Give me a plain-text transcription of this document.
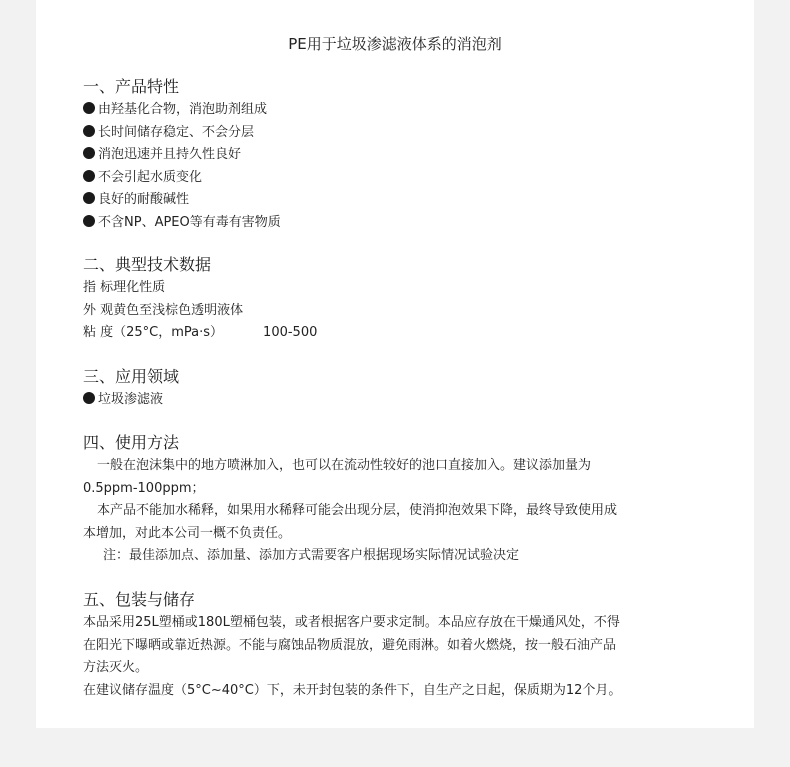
PE用于垃圾渗滤液体系的消泡剂
一、产品特性
由羟基化合物，消泡助剂组成
长时间储存稳定、不会分层
消泡迅速并且持久性良好
不会引起水质变化
良好的耐酸碱性
不含NP、APEO等有毒有害物质
二、典型技术数据
指 标理化性质
外 观黄色至浅棕色透明液体
粘 度（25°C，mPa·s）	100-500
三、应用领域
垃圾渗滤液
四、使用方法
一般在泡沫集中的地方喷淋加入，也可以在流动性较好的池口直接加入。建议添加量为
0.5ppm-100ppm；
本产品不能加水稀释，如果用水稀释可能会出现分层，使消抑泡效果下降，最终导致使用成
本增加，对此本公司一概不负责任。
注：最佳添加点、添加量、添加方式需要客户根据现场实际情况试验决定
五、包装与储存
本品采用25L塑桶或180L塑桶包装，或者根据客户要求定制。本品应存放在干燥通风处，不得
在阳光下曝晒或靠近热源。不能与腐蚀品物质混放，避免雨淋。如着火燃烧，按一般石油产品
方法灭火。
在建议储存温度（5°C~40°C）下，未开封包装的条件下，自生产之日起，保质期为12个月。
